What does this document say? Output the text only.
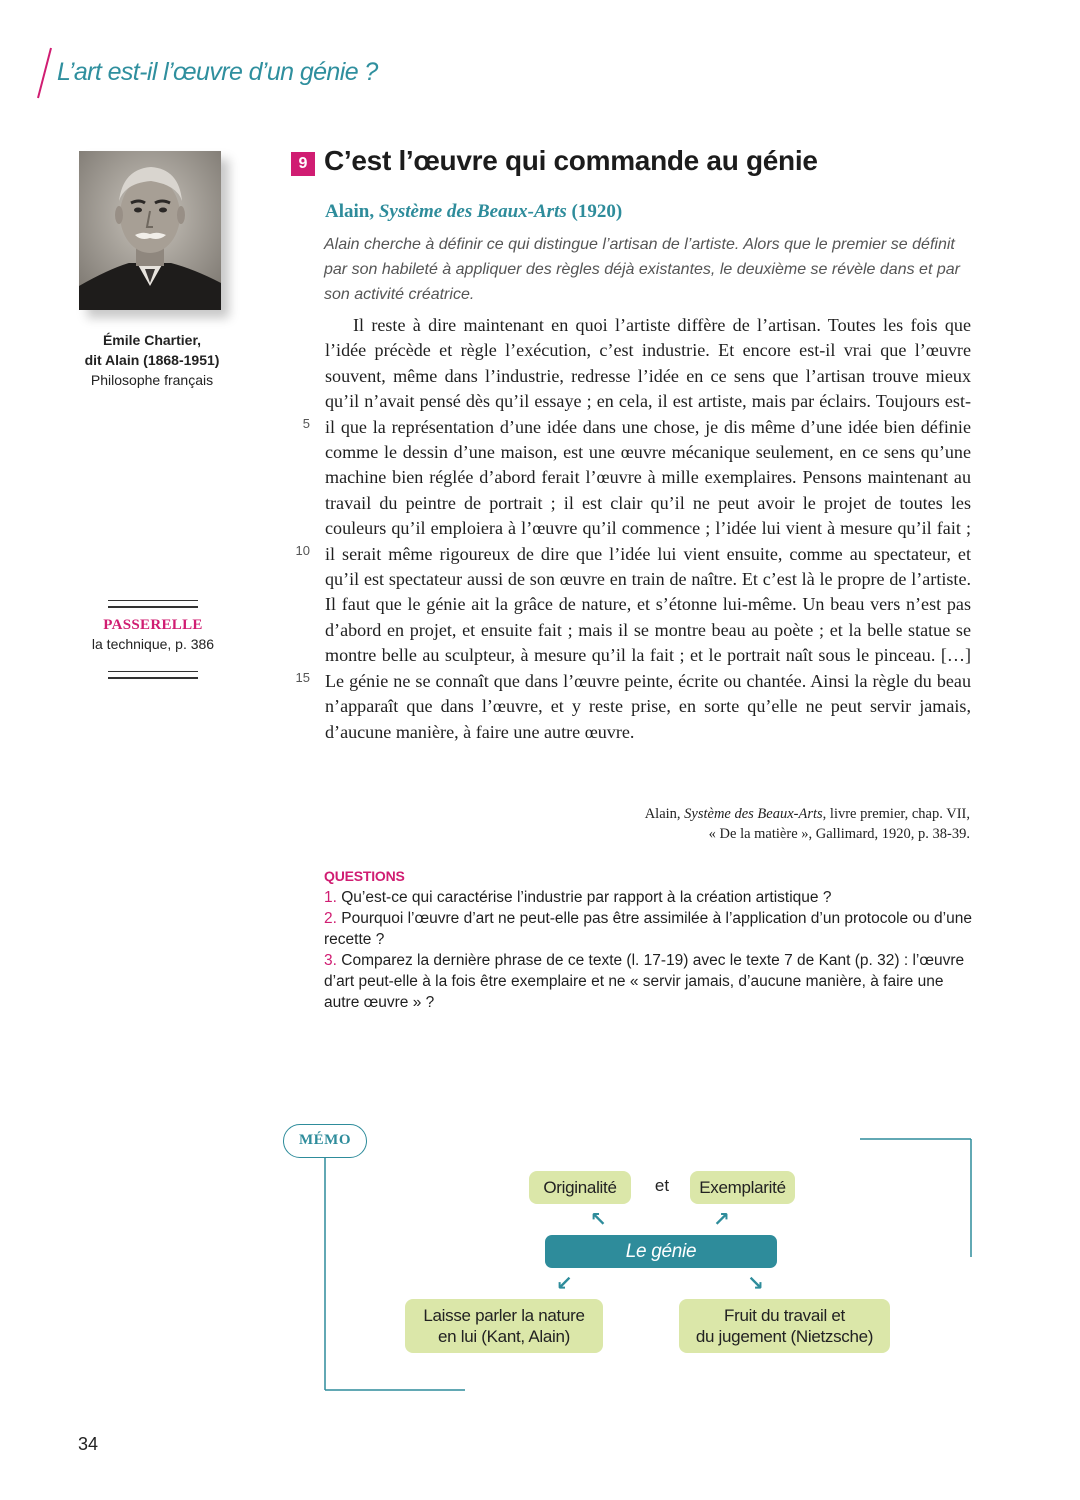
L’art est-il l’œuvre d’un génie ?
Émile Chartier,
dit Alain (1868-1951)
Philosophe français
PASSERELLE
la technique, p. 386
9 C’est l’œuvre qui commande au génie
Alain, Système des Beaux-Arts (1920)

Alain cherche à définir ce qui distingue l’artisan de l’artiste. Alors que le premier se définit par son habileté à appliquer des règles déjà existantes, le deuxième se révèle dans et par son activité créatrice.

Il reste à dire maintenant en quoi l’artiste diffère de l’artisan. Toutes les fois que l’idée précède et règle l’exécution, c’est industrie. Et encore est-il vrai que l’œuvre souvent, même dans l’industrie, redresse l’idée en ce sens que l’artisan trouve mieux qu’il n’avait pensé dès qu’il essaye ; en cela, il est artiste, mais par éclairs. Toujours est-il que la représentation d’une idée dans une chose, je dis même d’une idée bien définie comme le dessin d’une maison, est une œuvre mécanique seulement, en ce sens qu’une machine bien réglée d’abord ferait l’œuvre à mille exemplaires. Pensons maintenant au travail du peintre de portrait ; il est clair qu’il ne peut avoir le projet de toutes les couleurs qu’il emploiera à l’œuvre qu’il commence ; l’idée lui vient à mesure qu’il fait ; il serait même rigoureux de dire que l’idée lui vient ensuite, comme au spectateur, et qu’il est spectateur aussi de son œuvre en train de naître. Et c’est là le propre de l’artiste. Il faut que le génie ait la grâce de nature, et s’étonne lui-même. Un beau vers n’est pas d’abord en projet, et ensuite fait ; mais il se montre beau au poète ; et la belle statue se montre belle au sculpteur, à mesure qu’il la fait ; et le portrait naît sous le pinceau. […] Le génie ne se connaît que dans l’œuvre peinte, écrite ou chantée. Ainsi la règle du beau n’apparaît que dans l’œuvre, et y reste prise, en sorte qu’elle ne peut servir jamais, d’aucune manière, à faire une autre œuvre.

5
10
15
Alain, Système des Beaux-Arts, livre premier, chap. VII,
« De la matière », Gallimard, 1920, p. 38-39.
QUESTIONS
1. Qu’est-ce qui caractérise l’industrie par rapport à la création artistique ?
2. Pourquoi l’œuvre d’art ne peut-elle pas être assimilée à l’application d’un protocole ou d’une recette ?
3. Comparez la dernière phrase de ce texte (l. 17-19) avec le texte 7 de Kant (p. 32) : l’œuvre d’art peut-elle à la fois être exemplaire et ne « servir jamais, d’aucune manière, à faire une autre œuvre » ?
MÉMO
Originalité	et	Exemplarité
↖	↗
Le génie
↙	↘
Laisse parler la nature
en lui (Kant, Alain)
Fruit du travail et
du jugement (Nietzsche)
34
